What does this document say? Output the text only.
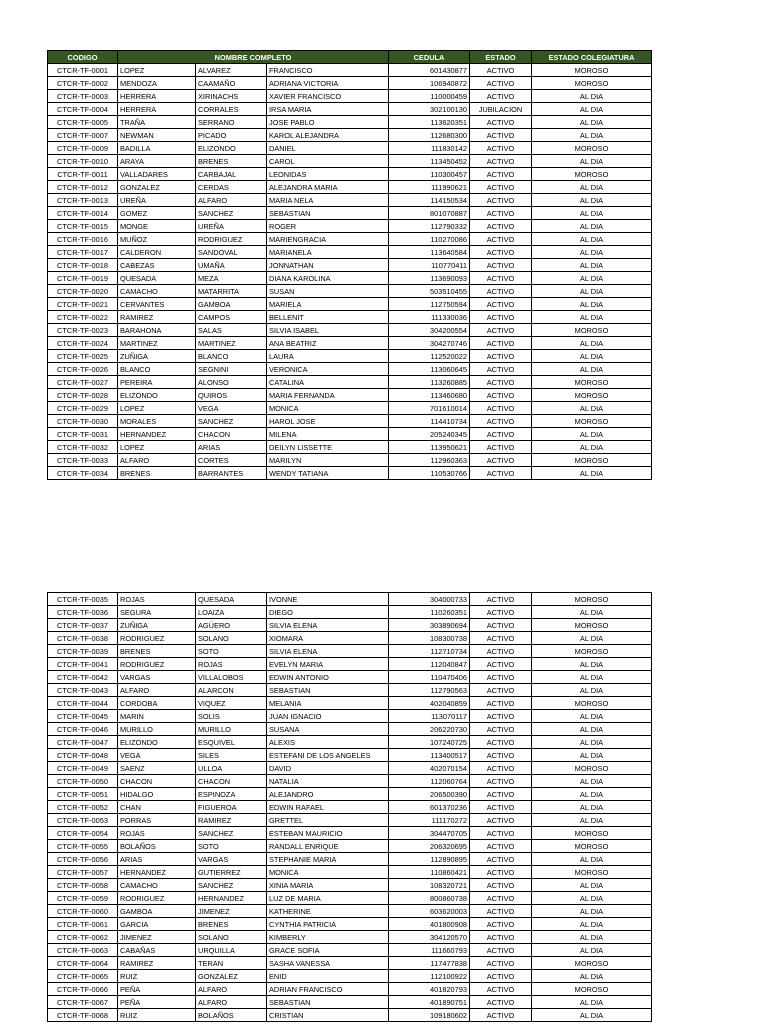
CODIGO	NOMBRE COMPLETO			CEDULA	ESTADO	ESTADO COLEGIATURA
CTCR-TF-0001	LOPEZ	ALVAREZ	FRANCISCO	601430877	ACTIVO	MOROSO
CTCR-TF-0002	MENDOZA	CAAMAÑO	ADRIANA VICTORIA	106940872	ACTIVO	MOROSO
CTCR-TF-0003	HERRERA	XIRINACHS	XAVIER FRANCISCO	110000459	ACTIVO	AL DIA
CTCR-TF-0004	HERRERA	CORRALES	IRSA MARIA	302100130	JUBILACION	AL DIA
CTCR-TF-0005	TRAÑA	SERRANO	JOSE PABLO	113620351	ACTIVO	AL DIA
CTCR-TF-0007	NEWMAN	PICADO	KAROL ALEJANDRA	112680300	ACTIVO	AL DIA
CTCR-TF-0009	BADILLA	ELIZONDO	DANIEL	111830142	ACTIVO	MOROSO
CTCR-TF-0010	ARAYA	BRENES	CAROL	113450452	ACTIVO	AL DIA
CTCR-TF-0011	VALLADARES	CARBAJAL	LEONIDAS	110300457	ACTIVO	MOROSO
CTCR-TF-0012	GONZALEZ	CERDAS	ALEJANDRA MARIA	111990621	ACTIVO	AL DIA
CTCR-TF-0013	UREÑA	ALFARO	MARIA NELA	114150534	ACTIVO	AL DIA
CTCR-TF-0014	GOMEZ	SANCHEZ	SEBASTIAN	801070887	ACTIVO	AL DIA
CTCR-TF-0015	MONGE	UREÑA	ROGER	112790332	ACTIVO	AL DIA
CTCR-TF-0016	MUÑOZ	RODRIGUEZ	MARIENGRACIA	110270086	ACTIVO	AL DIA
CTCR-TF-0017	CALDERON	SANDOVAL	MARIANELA	113640584	ACTIVO	AL DIA
CTCR-TF-0018	CABEZAS	UMAÑA	JONNATHAN	110770411	ACTIVO	AL DIA
CTCR-TF-0019	QUESADA	MEZA	DIANA KAROLINA	113690093	ACTIVO	AL DIA
CTCR-TF-0020	CAMACHO	MATARRITA	SUSAN	503510455	ACTIVO	AL DIA
CTCR-TF-0021	CERVANTES	GAMBOA	MARIELA	112750594	ACTIVO	AL DIA
CTCR-TF-0022	RAMIREZ	CAMPOS	BELLENIT	111330036	ACTIVO	AL DIA
CTCR-TF-0023	BARAHONA	SALAS	SILVIA ISABEL	304200554	ACTIVO	MOROSO
CTCR-TF-0024	MARTINEZ	MARTINEZ	ANA BEATRIZ	304270746	ACTIVO	AL DIA
CTCR-TF-0025	ZUÑIGA	BLANCO	LAURA	112520022	ACTIVO	AL DIA
CTCR-TF-0026	BLANCO	SEGNINI	VERONICA	113060645	ACTIVO	AL DIA
CTCR-TF-0027	PEREIRA	ALONSO	CATALINA	113260885	ACTIVO	MOROSO
CTCR-TF-0028	ELIZONDO	QUIROS	MARIA FERNANDA	113460680	ACTIVO	MOROSO
CTCR-TF-0029	LOPEZ	VEGA	MONICA	701610014	ACTIVO	AL DIA
CTCR-TF-0030	MORALES	SANCHEZ	HAROL JOSE	114410734	ACTIVO	MOROSO
CTCR-TF-0031	HERNANDEZ	CHACON	MILENA	205240345	ACTIVO	AL DIA
CTCR-TF-0032	LOPEZ	ARIAS	DEILYN LISSETTE	113950621	ACTIVO	AL DIA
CTCR-TF-0033	ALFARO	CORTES	MARILYN	112960363	ACTIVO	MOROSO
CTCR-TF-0034	BRENES	BARRANTES	WENDY TATIANA	110530766	ACTIVO	AL DIA
CTCR-TF-0035	ROJAS	QUESADA	IVONNE	304000733	ACTIVO	MOROSO
CTCR-TF-0036	SEGURA	LOAIZA	DIEGO	110260351	ACTIVO	AL DIA
CTCR-TF-0037	ZUÑIGA	AGÜERO	SILVIA ELENA	303890694	ACTIVO	MOROSO
CTCR-TF-0038	RODRIGUEZ	SOLANO	XIOMARA	108300738	ACTIVO	AL DIA
CTCR-TF-0039	BRENES	SOTO	SILVIA ELENA	112710734	ACTIVO	MOROSO
CTCR-TF-0041	RODRIGUEZ	ROJAS	EVELYN MARIA	112040847	ACTIVO	AL DIA
CTCR-TF-0042	VARGAS	VILLALOBOS	EDWIN ANTONIO	110470406	ACTIVO	AL DIA
CTCR-TF-0043	ALFARO	ALARCON	SEBASTIAN	112790563	ACTIVO	AL DIA
CTCR-TF-0044	CORDOBA	VIQUEZ	MELANIA	402040859	ACTIVO	MOROSO
CTCR-TF-0045	MARIN	SOLIS	JUAN IGNACIO	113070117	ACTIVO	AL DIA
CTCR-TF-0046	MURILLO	MURILLO	SUSANA	206220730	ACTIVO	AL DIA
CTCR-TF-0047	ELIZONDO	ESQUIVEL	ALEXIS	107240725	ACTIVO	AL DIA
CTCR-TF-0048	VEGA	SILES	ESTEFANI DE LOS ANGELES	113400517	ACTIVO	AL DIA
CTCR-TF-0049	SAENZ	ULLOA	DAVID	402070154	ACTIVO	MOROSO
CTCR-TF-0050	CHACON	CHACON	NATALIA	112060764	ACTIVO	AL DIA
CTCR-TF-0051	HIDALGO	ESPINOZA	ALEJANDRO	206500390	ACTIVO	AL DIA
CTCR-TF-0052	CHAN	FIGUEROA	EDWIN RAFAEL	601370236	ACTIVO	AL DIA
CTCR-TF-0053	PORRAS	RAMIREZ	GRETTEL	111170272	ACTIVO	AL DIA
CTCR-TF-0054	ROJAS	SANCHEZ	ESTEBAN MAURICIO	304470705	ACTIVO	MOROSO
CTCR-TF-0055	BOLAÑOS	SOTO	RANDALL ENRIQUE	206320695	ACTIVO	MOROSO
CTCR-TF-0056	ARIAS	VARGAS	STEPHANIE MARIA	112890895	ACTIVO	AL DIA
CTCR-TF-0057	HERNANDEZ	GUTIERREZ	MONICA	110860421	ACTIVO	MOROSO
CTCR-TF-0058	CAMACHO	SANCHEZ	XINIA MARIA	108320721	ACTIVO	AL DIA
CTCR-TF-0059	RODRIGUEZ	HERNANDEZ	LUZ DE MARIA	800860738	ACTIVO	AL DIA
CTCR-TF-0060	GAMBOA	JIMENEZ	KATHERINE	603620003	ACTIVO	AL DIA
CTCR-TF-0061	GARCIA	BRENES	CYNTHIA PATRICIA	401800908	ACTIVO	AL DIA
CTCR-TF-0062	JIMENEZ	SOLANO	KIMBERLY	304120570	ACTIVO	AL DIA
CTCR-TF-0063	CABAÑAS	URQUILLA	GRACE SOFIA	111660793	ACTIVO	AL DIA
CTCR-TF-0064	RAMIREZ	TERAN	SASHA VANESSA	117477838	ACTIVO	MOROSO
CTCR-TF-0065	RUIZ	GONZALEZ	ENID	112100922	ACTIVO	AL DIA
CTCR-TF-0066	PEÑA	ALFARO	ADRIAN FRANCISCO	401820793	ACTIVO	MOROSO
CTCR-TF-0067	PEÑA	ALFARO	SEBASTIAN	401890751	ACTIVO	AL DIA
CTCR-TF-0068	RUIZ	BOLAÑOS	CRISTIAN	109180602	ACTIVO	AL DIA
